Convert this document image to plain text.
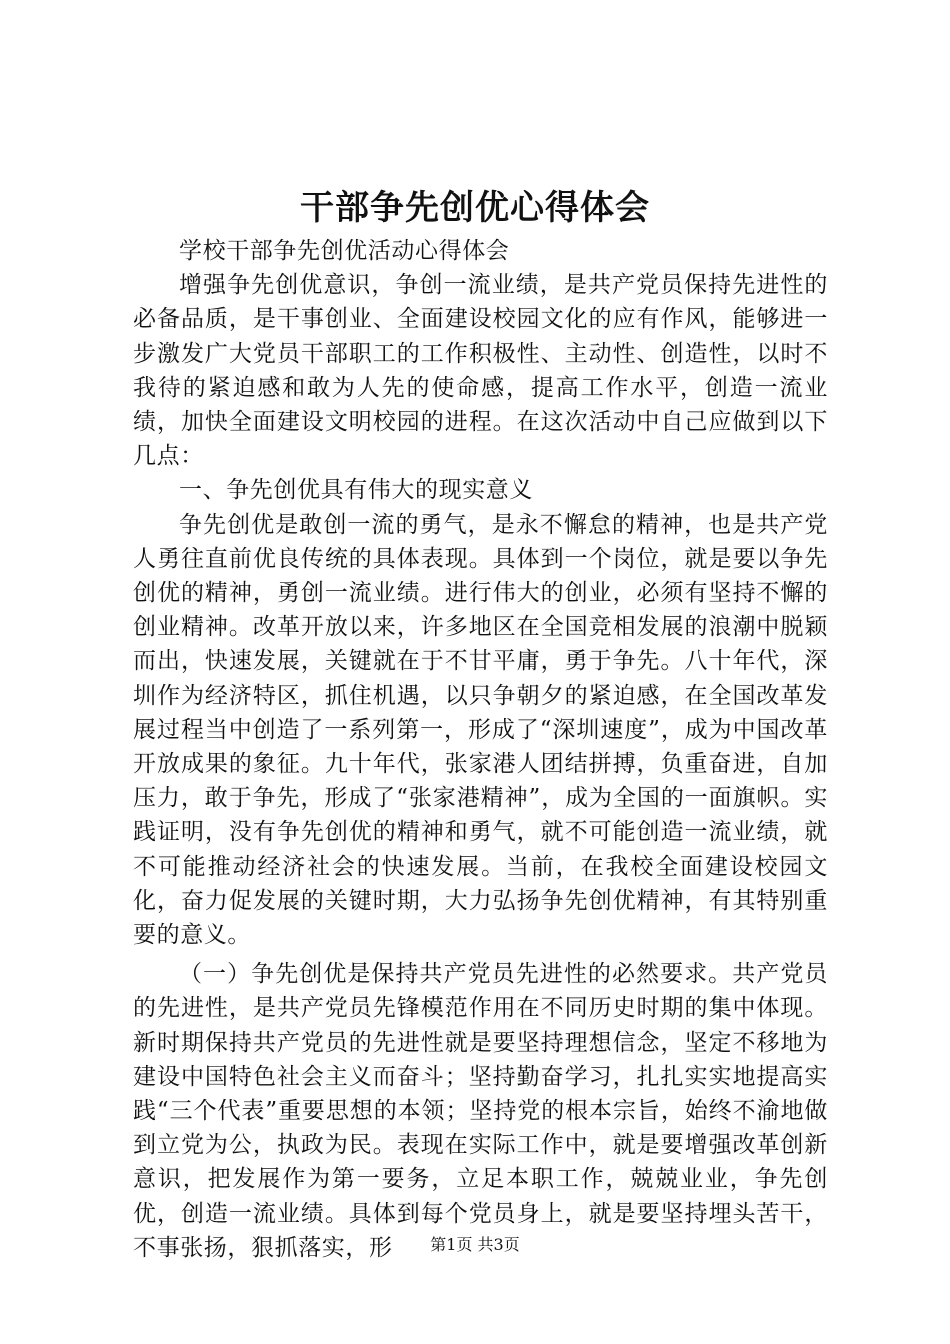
干部争先创优心得体会

学校干部争先创优活动心得体会

增强争先创优意识，争创一流业绩，是共产党员保持先进性的必备品质，是干事创业、全面建设校园文化的应有作风，能够进一步激发广大党员干部职工的工作积极性、主动性、创造性，以时不我待的紧迫感和敢为人先的使命感，提高工作水平，创造一流业绩，加快全面建设文明校园的进程。在这次活动中自己应做到以下几点：

一、争先创优具有伟大的现实意义

争先创优是敢创一流的勇气，是永不懈怠的精神，也是共产党人勇往直前优良传统的具体表现。具体到一个岗位，就是要以争先创优的精神，勇创一流业绩。进行伟大的创业，必须有坚持不懈的创业精神。改革开放以来，许多地区在全国竞相发展的浪潮中脱颖而出，快速发展，关键就在于不甘平庸，勇于争先。八十年代，深圳作为经济特区，抓住机遇，以只争朝夕的紧迫感，在全国改革发展过程当中创造了一系列第一，形成了“深圳速度”，成为中国改革开放成果的象征。九十年代，张家港人团结拼搏，负重奋进，自加压力，敢于争先，形成了“张家港精神”，成为全国的一面旗帜。实践证明，没有争先创优的精神和勇气，就不可能创造一流业绩，就不可能推动经济社会的快速发展。当前，在我校全面建设校园文化，奋力促发展的关键时期，大力弘扬争先创优精神，有其特别重要的意义。

（一）争先创优是保持共产党员先进性的必然要求。共产党员的先进性，是共产党员先锋模范作用在不同历史时期的集中体现。新时期保持共产党员的先进性就是要坚持理想信念，坚定不移地为建设中国特色社会主义而奋斗；坚持勤奋学习，扎扎实实地提高实践“三个代表”重要思想的本领；坚持党的根本宗旨，始终不渝地做到立党为公，执政为民。表现在实际工作中，就是要增强改革创新意识，把发展作为第一要务，立足本职工作，兢兢业业，争先创优，创造一流业绩。具体到每个党员身上，就是要坚持埋头苦干，不事张扬，狠抓落实，形	第1页 共3页
